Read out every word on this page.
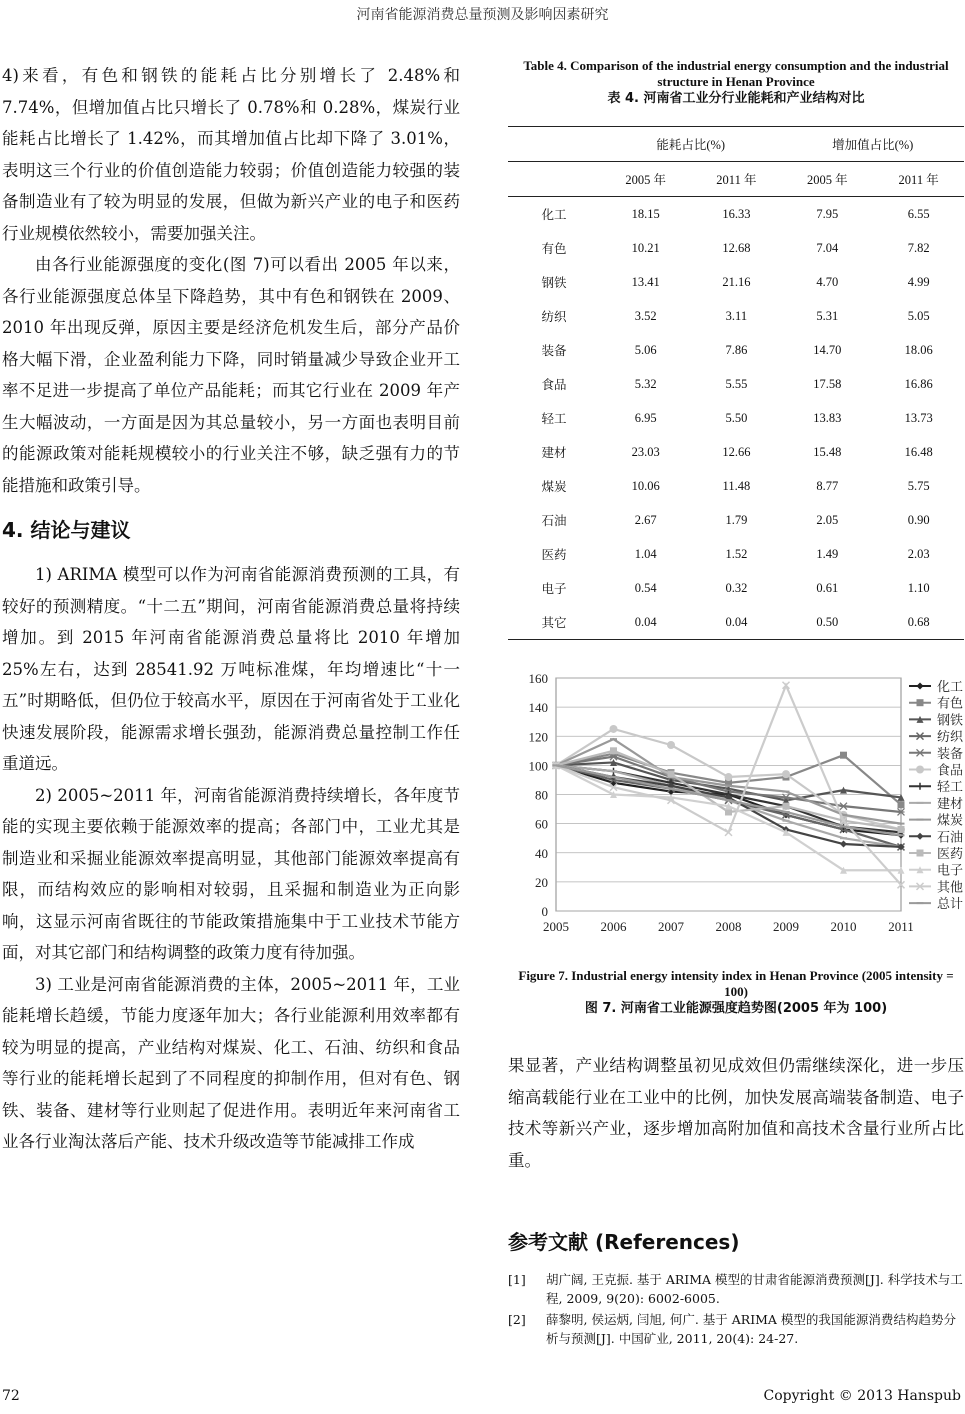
河南省能源消费总量预测及影响因素研究

4)来看，有色和钢铁的能耗占比分别增长了 2.48%和 7.74%，但增加值占比只增长了 0.78%和 0.28%，煤炭行业能耗占比增长了 1.42%，而其增加值占比却下降了 3.01%，表明这三个行业的价值创造能力较弱；价值创造能力较强的装备制造业有了较为明显的发展，但做为新兴产业的电子和医药行业规模依然较小，需要加强关注。

由各行业能源强度的变化(图 7)可以看出 2005 年以来，各行业能源强度总体呈下降趋势，其中有色和钢铁在 2009、2010 年出现反弹，原因主要是经济危机发生后，部分产品价格大幅下滑，企业盈利能力下降，同时销量减少导致企业开工率不足进一步提高了单位产品能耗；而其它行业在 2009 年产生大幅波动，一方面是因为其总量较小，另一方面也表明目前的能源政策对能耗规模较小的行业关注不够，缺乏强有力的节能措施和政策引导。

4. 结论与建议

1) ARIMA 模型可以作为河南省能源消费预测的工具，有较好的预测精度。“十二五”期间，河南省能源消费总量将持续增加。到 2015 年河南省能源消费总量将比 2010 年增加 25%左右，达到 28541.92 万吨标准煤，年均增速比“十一五”时期略低，但仍位于较高水平，原因在于河南省处于工业化快速发展阶段，能源需求增长强劲，能源消费总量控制工作任重道远。

2) 2005~2011 年，河南省能源消费持续增长，各年度节能的实现主要依赖于能源效率的提高；各部门中，工业尤其是制造业和采掘业能源效率提高明显，其他部门能源效率提高有限，而结构效应的影响相对较弱，且采掘和制造业为正向影响，这显示河南省既往的节能政策措施集中于工业技术节能方面，对其它部门和结构调整的政策力度有待加强。

3) 工业是河南省能源消费的主体，2005~2011 年，工业能耗增长趋缓，节能力度逐年加大；各行业能源利用效率都有较为明显的提高，产业结构对煤炭、化工、石油、纺织和食品等行业的能耗增长起到了不同程度的抑制作用，但对有色、钢铁、装备、建材等行业则起了促进作用。表明近年来河南省工业各行业淘汰落后产能、技术升级改造等节能减排工作成

Table 4. Comparison of the industrial energy consumption and the industrial structure in Henan Province
表 4. 河南省工业分行业能耗和产业结构对比
	能耗占比(%)		增加值占比(%)	
	2005 年	2011 年	2005 年	2011 年
化工	18.15	16.33	7.95	6.55
有色	10.21	12.68	7.04	7.82
钢铁	13.41	21.16	4.70	4.99
纺织	3.52	3.11	5.31	5.05
装备	5.06	7.86	14.70	18.06
食品	5.32	5.55	17.58	16.86
轻工	6.95	5.50	13.83	13.73
建材	23.03	12.66	15.48	16.48
煤炭	10.06	11.48	8.77	5.75
石油	2.67	1.79	2.05	0.90
医药	1.04	1.52	1.49	2.03
电子	0.54	0.32	0.61	1.10
其它	0.04	0.04	0.50	0.68
0
20
40
60
80
100
120
140
160
2005 2006 2007 2008 2009 2010 2011
化工
有色
钢铁
纺织
装备
食品
轻工
建材
煤炭
石油
医药
电子
其他
总计
Figure 7. Industrial energy intensity index in Henan Province (2005 intensity = 100)
图 7. 河南省工业能源强度趋势图(2005 年为 100)

果显著，产业结构调整虽初见成效但仍需继续深化，进一步压缩高载能行业在工业中的比例，加快发展高端装备制造、电子技术等新兴产业，逐步增加高附加值和高技术含量行业所占比重。

参考文献 (References)
[1]	胡广阔, 王克振. 基于 ARIMA 模型的甘肃省能源消费预测[J]. 科学技术与工程, 2009, 9(20): 6002-6005.
[2]	薛黎明, 侯运炳, 闫旭, 何广. 基于 ARIMA 模型的我国能源消费结构趋势分析与预测[J]. 中国矿业, 2011, 20(4): 24-27.
72	Copyright © 2013 Hanspub
